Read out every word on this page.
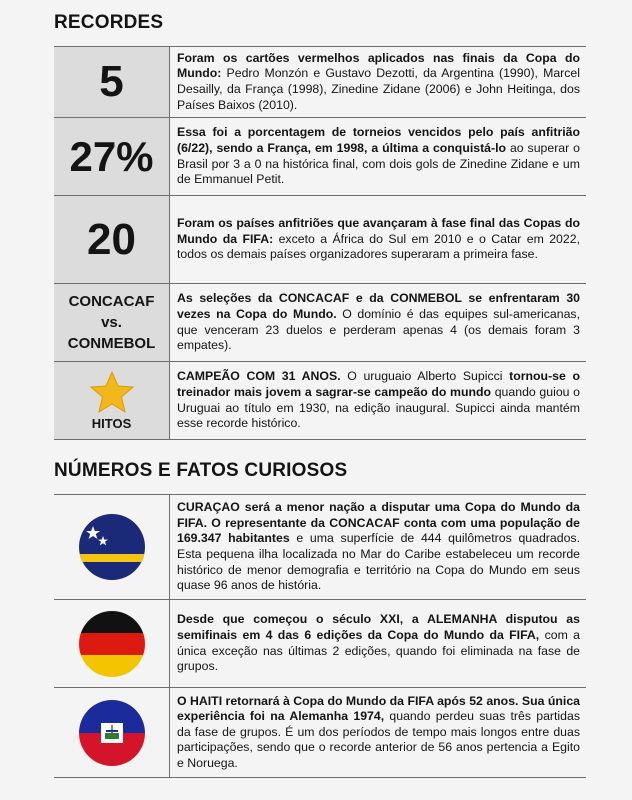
RECORDES
5	Foram os cartões vermelhos aplicados nas finais da Copa do Mundo: Pedro Monzón e Gustavo Dezotti, da Argentina (1990), Marcel Desailly, da França (1998), Zinedine Zidane (2006) e John Heitinga, dos Países Baixos (2010).

27%

Essa foi a porcentagem de torneios vencidos pelo país anfitrião (6/22), sendo a França, em 1998, a última a conquistá-lo ao superar o Brasil por 3 a 0 na histórica final, com dois gols de Zinedine Zidane e um de Emmanuel Petit.

20	Foram os países anfitriões que avançaram à fase final das Copas do Mundo da FIFA: exceto a África do Sul em 2010 e o Catar em 2022, todos os demais países organizadores superaram a primeira fase.

CONCACAF
vs.
CONMEBOL

As seleções da CONCACAF e da CONMEBOL se enfrentaram 30 vezes na Copa do Mundo. O domínio é das equipes sul-americanas, que venceram 23 duelos e perderam apenas 4 (os demais foram 3 empates).

HITOS

CAMPEÃO COM 31 ANOS. O uruguaio Alberto Supicci tornou-se o treinador mais jovem a sagrar-se campeão do mundo quando guiou o Uruguai ao título em 1930, na edição inaugural. Supicci ainda mantém esse recorde histórico.

NÚMEROS E FATOS CURIOSOS

CURAÇAO será a menor nação a disputar uma Copa do Mundo da FIFA. O representante da CONCACAF conta com uma população de 169.347 habitantes e uma superfície de 444 quilômetros quadrados. Esta pequena ilha localizada no Mar do Caribe estabeleceu um recorde histórico de menor demografia e território na Copa do Mundo em seus quase 96 anos de história.

Desde que começou o século XXI, a ALEMANHA disputou as semifinais em 4 das 6 edições da Copa do Mundo da FIFA, com a única exceção nas últimas 2 edições, quando foi eliminada na fase de grupos.

O HAITI retornará à Copa do Mundo da FIFA após 52 anos. Sua única experiência foi na Alemanha 1974, quando perdeu suas três partidas da fase de grupos. É um dos períodos de tempo mais longos entre duas participações, sendo que o recorde anterior de 56 anos pertencia a Egito e Noruega.
